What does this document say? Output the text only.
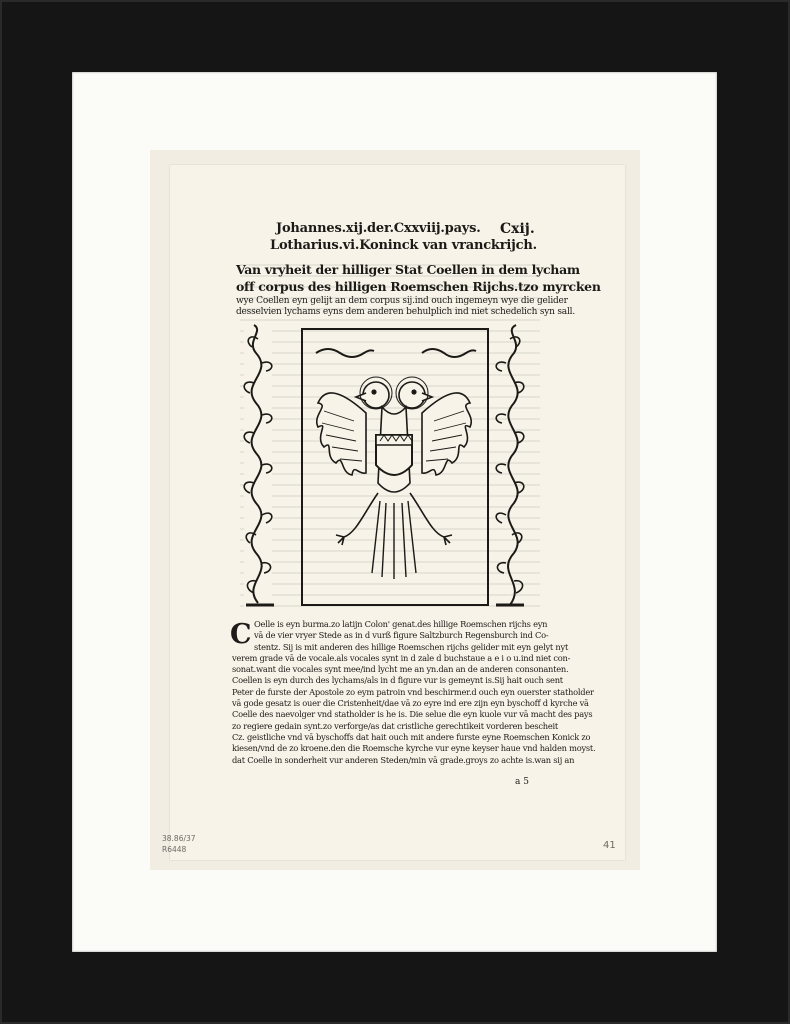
Johannes.xij.der.Cxxviij.pays.
Lotharius.vi.Koninck van vranckrijch.
Cxij.
Van vryheit der hilliger Stat Coellen in dem lycham
off corpus des hilligen Roemschen Rijchs.tzo myrcken
wye Coellen eyn gelijt an dem corpus sij.ind ouch ingemeyn wye die gelider
desselvien lychams eyns dem anderen behulplich ind niet schedelich syn sall.
C Oelle is eyn burma.zo latijn Colon' genat.des hillige Roemschen rijchs eyn
vā de vier vryer Stede as in d vurß figure Saltzburch Regensburch ind Co-
stentz. Sij is mit anderen des hillige Roemschen rijchs gelider mit eyn gelyt nyt
verem grade vā de vocale.als vocales synt in d zale d buchstaue a e i o u.ind niet con-
sonat.want die vocales synt mee/ind lycht me an yn.dan an de anderen consonanten.
Coellen is eyn durch des lychams/als in d figure vur is gemeynt is.Sij hait ouch sent
Peter de furste der Apostole zo eym patroin vnd beschirmer.d ouch eyn ouerster statholder
vā gode gesatz is ouer die Cristenheit/dae vā zo eyre ind ere zijn eyn byschoff d kyrche vā
Coelle des naevolger vnd statholder is he is. Die selue die eyn kuole vur vā macht des pays
zo regiere gedain synt.zo verforge/as dat cristliche gerechtikeit vorderen bescheit
Cz. geistliche vnd vā byschoffs dat hait ouch mit andere furste eyne Roemschen Konick zo
kiesen/vnd de zo kroene.den die Roemsche kyrche vur eyne keyser haue vnd halden moyst.
dat Coelle in sonderheit vur anderen Steden/min vā grade.groys zo achte is.wan sij an
a 5
38.86/37
R6448	41
